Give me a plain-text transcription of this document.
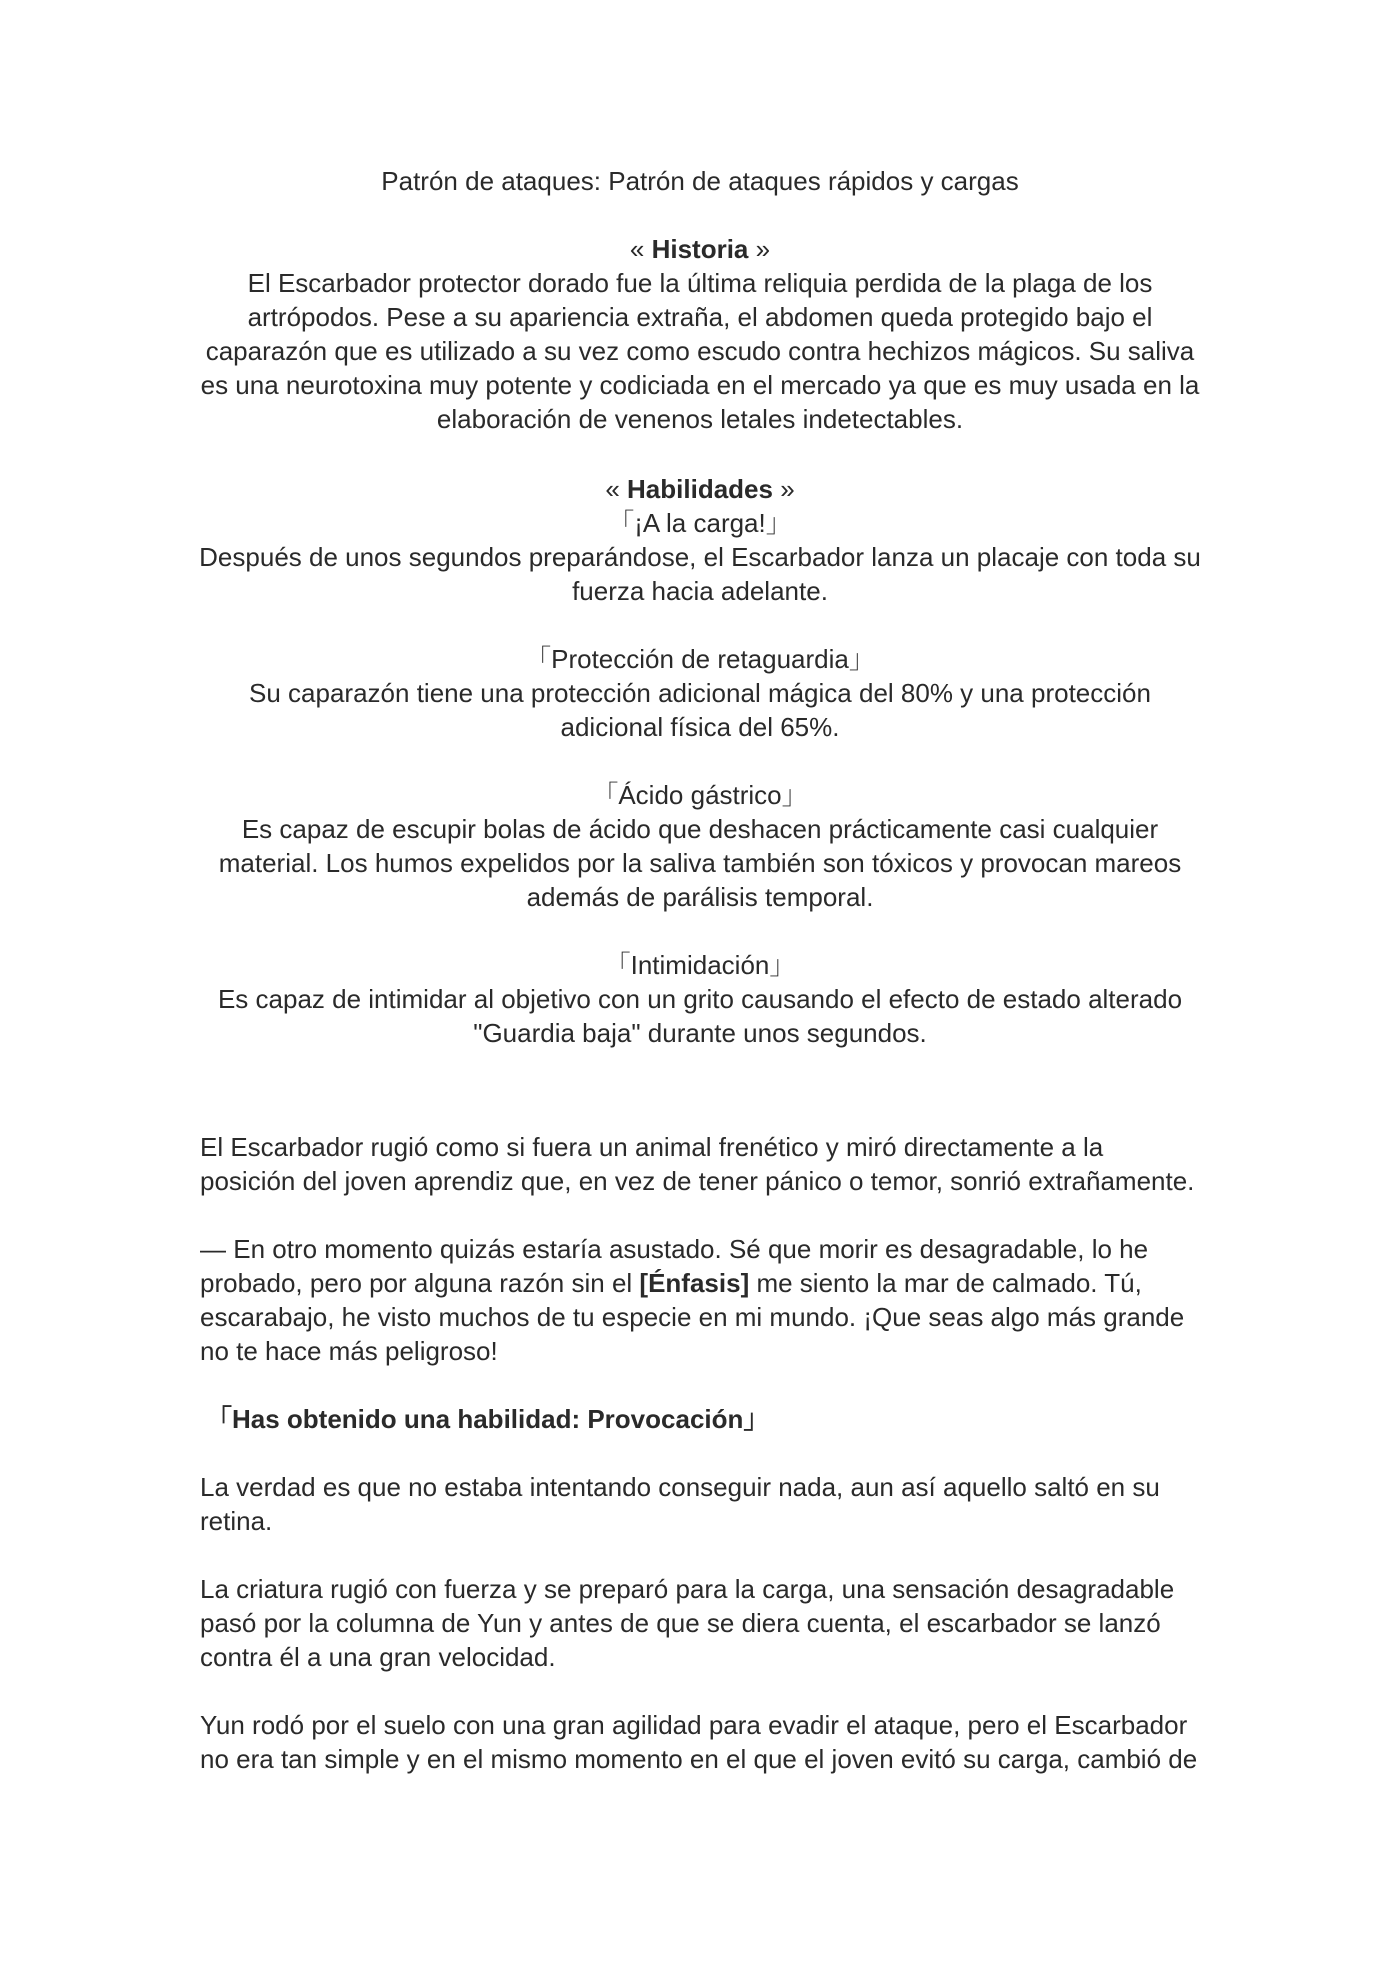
Patrón de ataques: Patrón de ataques rápidos y cargas

« Historia »

El Escarbador protector dorado fue la última reliquia perdida de la plaga de los artrópodos. Pese a su apariencia extraña, el abdomen queda protegido bajo el caparazón que es utilizado a su vez como escudo contra hechizos mágicos. Su saliva es una neurotoxina muy potente y codiciada en el mercado ya que es muy usada en la elaboración de venenos letales indetectables.

« Habilidades »

「¡A la carga!」

Después de unos segundos preparándose, el Escarbador lanza un placaje con toda su fuerza hacia adelante.

「Protección de retaguardia」

Su caparazón tiene una protección adicional mágica del 80% y una protección adicional física del 65%.

「Ácido gástrico」

Es capaz de escupir bolas de ácido que deshacen prácticamente casi cualquier material. Los humos expelidos por la saliva también son tóxicos y provocan mareos además de parálisis temporal.

「Intimidación」

Es capaz de intimidar al objetivo con un grito causando el efecto de estado alterado "Guardia baja" durante unos segundos.

El Escarbador rugió como si fuera un animal frenético y miró directamente a la posición del joven aprendiz que, en vez de tener pánico o temor, sonrió extrañamente.

— En otro momento quizás estaría asustado. Sé que morir es desagradable, lo he probado, pero por alguna razón sin el [Énfasis] me siento la mar de calmado. Tú, escarabajo, he visto muchos de tu especie en mi mundo. ¡Que seas algo más grande no te hace más peligroso!

「Has obtenido una habilidad: Provocación」

La verdad es que no estaba intentando conseguir nada, aun así aquello saltó en su retina.

La criatura rugió con fuerza y se preparó para la carga, una sensación desagradable pasó por la columna de Yun y antes de que se diera cuenta, el escarbador se lanzó contra él a una gran velocidad.

Yun rodó por el suelo con una gran agilidad para evadir el ataque, pero el Escarbador no era tan simple y en el mismo momento en el que el joven evitó su carga, cambió de
